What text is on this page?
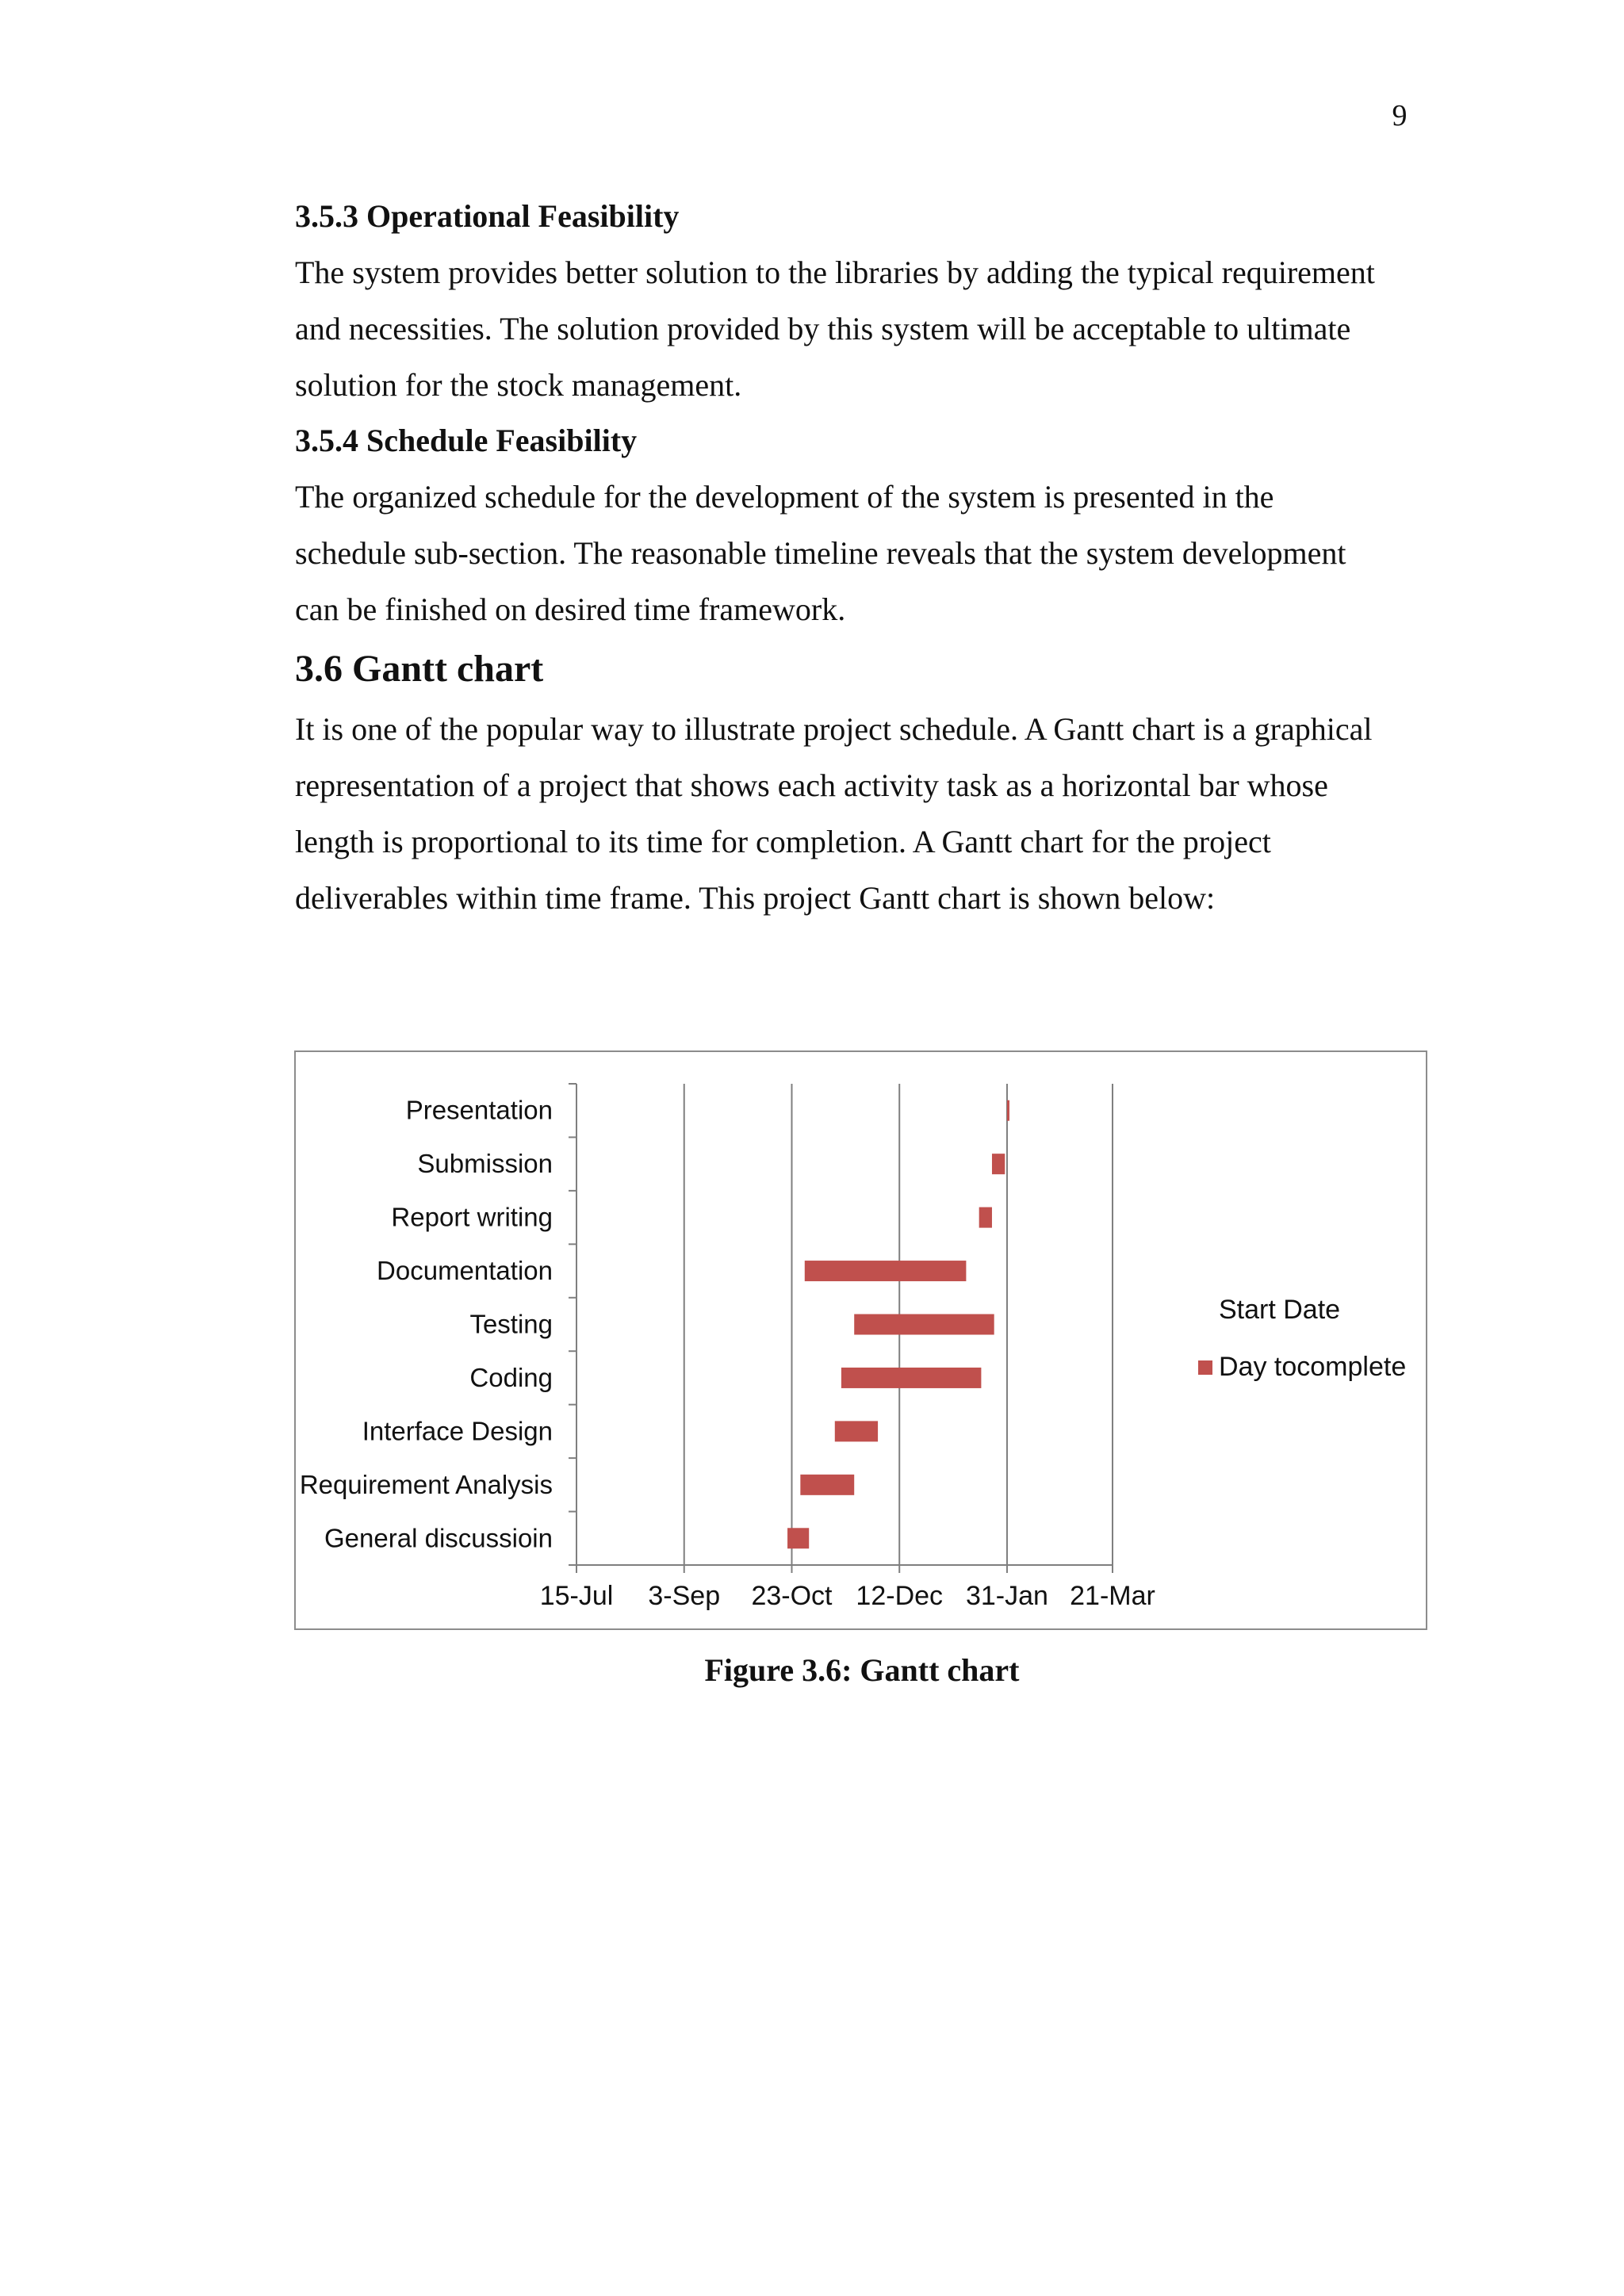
9

3.5.3 Operational Feasibility

The system provides better solution to the libraries by adding the typical requirement

and necessities. The solution provided by this system will be acceptable to ultimate

solution for the stock management.

3.5.4 Schedule Feasibility

The organized schedule for the development of the system is presented in the

schedule sub-section. The reasonable timeline reveals that the system development

can be finished on desired time framework.

3.6 Gantt chart

It is one of the popular way to illustrate project schedule. A Gantt chart is a graphical

representation of a project that shows each activity task as a horizontal bar whose

length is proportional to its time for completion. A Gantt chart for the project

deliverables within time frame. This project Gantt chart is shown below:

15-Jul 3-Sep 23-Oct 12-Dec 31-Jan 21-Mar
General discussioin
Requirement Analysis
Interface Design
Coding
Testing
Documentation
Report writing
Submission
Presentation
Start Date
Day tocomplete
Figure 3.6: Gantt chart
